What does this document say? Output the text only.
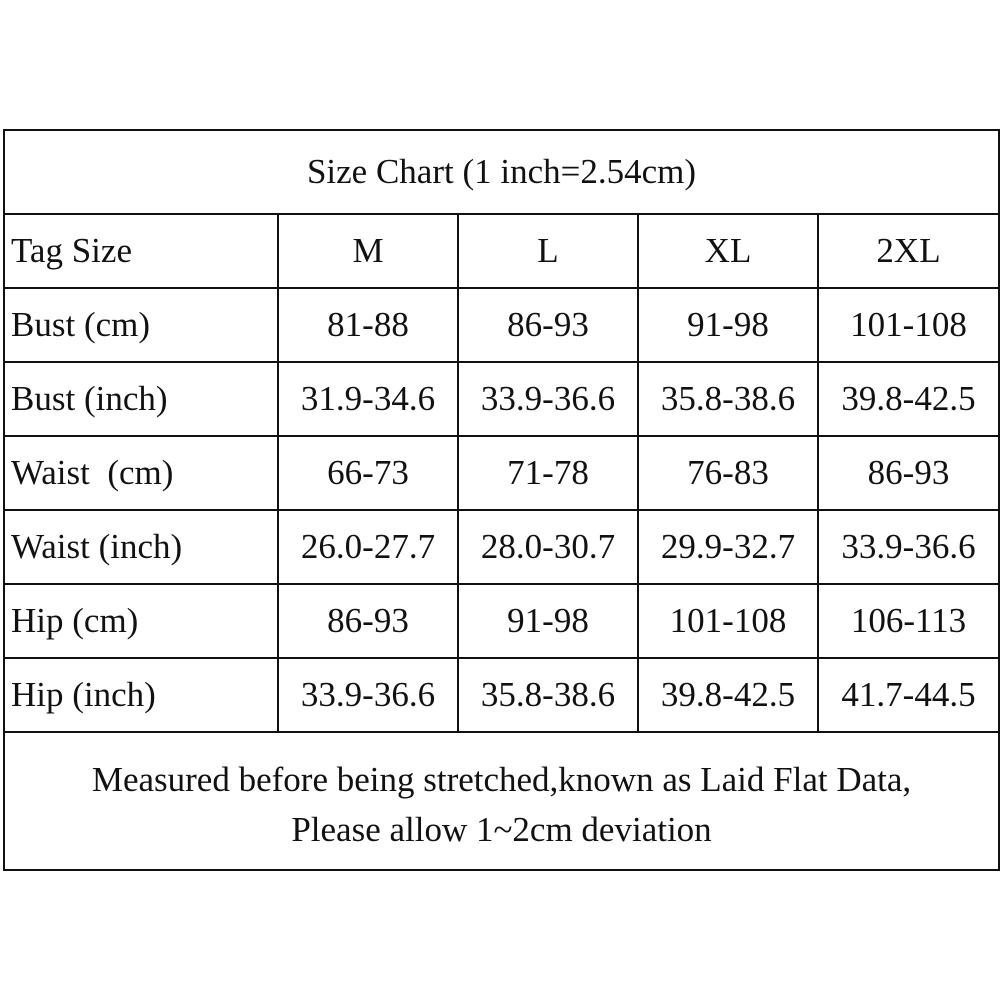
Size Chart (1 inch=2.54cm)
Tag Size	M	L	XL	2XL
Bust (cm)	81-88	86-93	91-98	101-108
Bust (inch)	31.9-34.6	33.9-36.6	35.8-38.6	39.8-42.5
Waist  (cm)	66-73	71-78	76-83	86-93
Waist (inch)	26.0-27.7	28.0-30.7	29.9-32.7	33.9-36.6
Hip (cm)	86-93	91-98	101-108	106-113
Hip (inch)	33.9-36.6	35.8-38.6	39.8-42.5	41.7-44.5
Measured before being stretched,known as Laid Flat Data,
Please allow 1~2cm deviation
